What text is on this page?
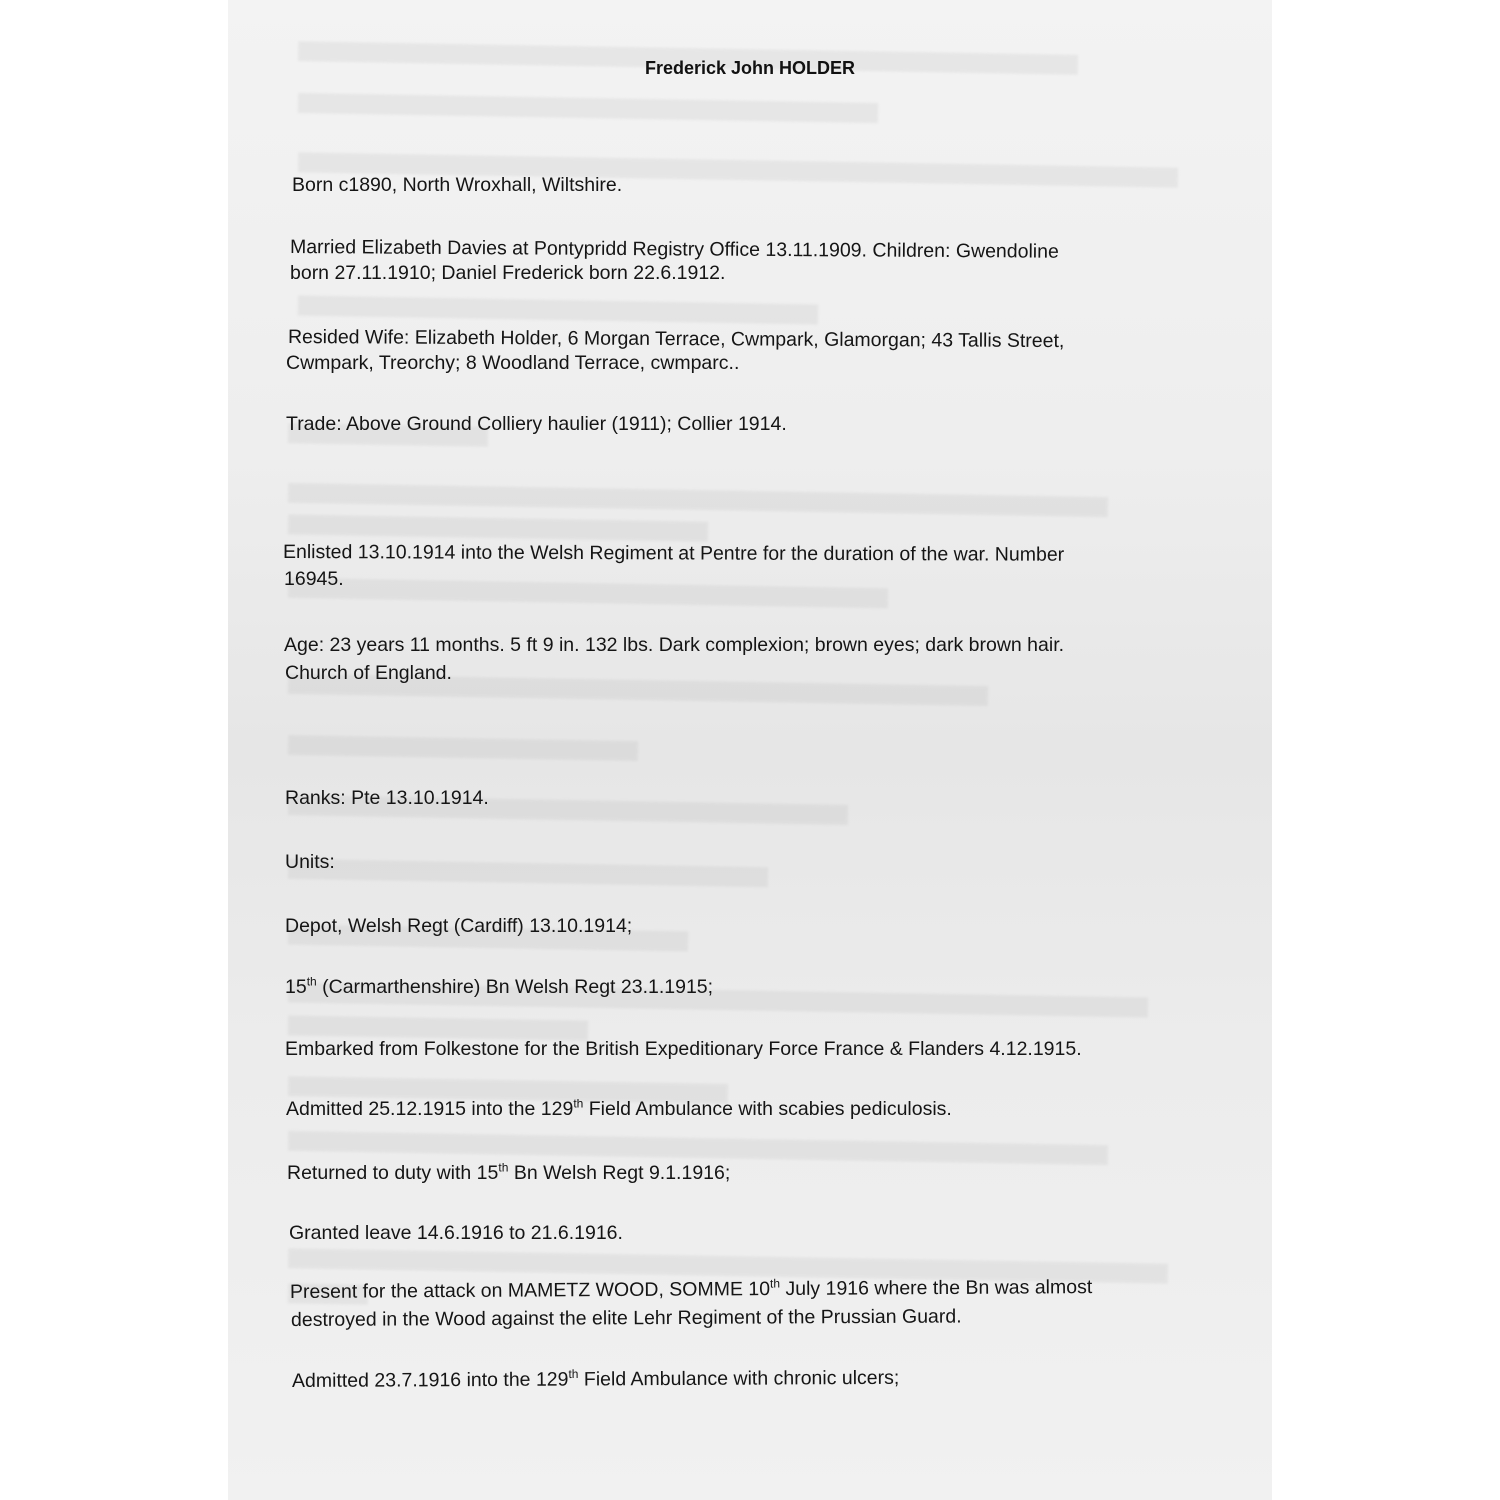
Frederick John HOLDER
Born c1890, North Wroxhall, Wiltshire.
Married Elizabeth Davies at Pontypridd Registry Office 13.11.1909. Children: Gwendoline
born 27.11.1910; Daniel Frederick born 22.6.1912.
Resided Wife: Elizabeth Holder, 6 Morgan Terrace, Cwmpark, Glamorgan; 43 Tallis Street,
Cwmpark, Treorchy; 8 Woodland Terrace, cwmparc..
Trade: Above Ground Colliery haulier (1911); Collier 1914.
Enlisted 13.10.1914 into the Welsh Regiment at Pentre for the duration of the war. Number
16945.
Age: 23 years 11 months. 5 ft 9 in. 132 lbs. Dark complexion; brown eyes; dark brown hair.
Church of England.
Ranks: Pte 13.10.1914.
Units:
Depot, Welsh Regt (Cardiff) 13.10.1914;
15th (Carmarthenshire) Bn Welsh Regt 23.1.1915;
Embarked from Folkestone for the British Expeditionary Force France & Flanders 4.12.1915.
Admitted 25.12.1915 into the 129th Field Ambulance with scabies pediculosis.
Returned to duty with 15th Bn Welsh Regt 9.1.1916;
Granted leave 14.6.1916 to 21.6.1916.
Present for the attack on MAMETZ WOOD, SOMME 10th July 1916 where the Bn was almost
destroyed in the Wood against the elite Lehr Regiment of the Prussian Guard.
Admitted 23.7.1916 into the 129th Field Ambulance with chronic ulcers;
